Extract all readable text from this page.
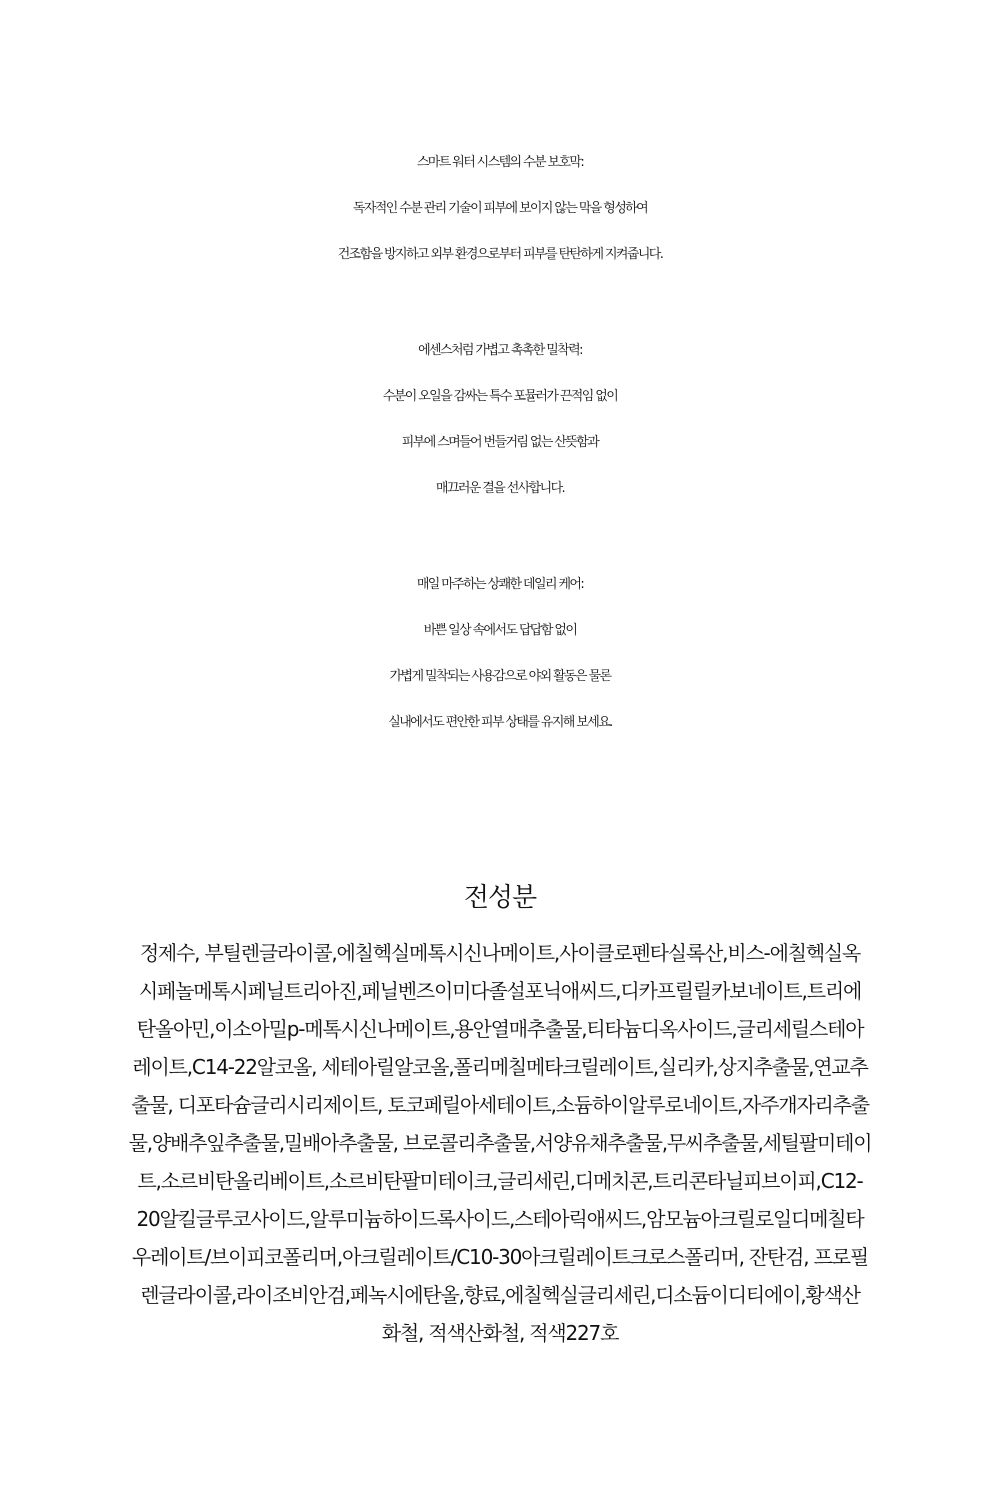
스마트 워터 시스템의 수분 보호막:

독자적인 수분 관리 기술이 피부에 보이지 않는 막을 형성하여

건조함을 방지하고 외부 환경으로부터 피부를 탄탄하게 지켜줍니다.

에센스처럼 가볍고 촉촉한 밀착력:

수분이 오일을 감싸는 특수 포뮬러가 끈적임 없이

피부에 스며들어 번들거림 없는 산뜻함과

매끄러운 결을 선사합니다.

매일 마주하는 상쾌한 데일리 케어:

바쁜 일상 속에서도 답답함 없이

가볍게 밀착되는 사용감으로 야외 활동은 물론

실내에서도 편안한 피부 상태를 유지해 보세요.

전성분

정제수, 부틸렌글라이콜,에칠헥실메톡시신나메이트,사이클로펜타실록산,비스-에칠헥실옥

시페놀메톡시페닐트리아진,페닐벤즈이미다졸설포닉애씨드,디카프릴릴카보네이트,트리에

탄올아민,이소아밀p-메톡시신나메이트,용안열매추출물,티타늄디옥사이드,글리세릴스테아

레이트,C14-22알코올, 세테아릴알코올,폴리메칠메타크릴레이트,실리카,상지추출물,연교추

출물, 디포타슘글리시리제이트, 토코페릴아세테이트,소듐하이알루로네이트,자주개자리추출

물,양배추잎추출물,밀배아추출물, 브로콜리추출물,서양유채추출물,무씨추출물,세틸팔미테이

트,소르비탄올리베이트,소르비탄팔미테이크,글리세린,디메치콘,트리콘타닐피브이피,C12-

20알킬글루코사이드,알루미늄하이드록사이드,스테아릭애씨드,암모늄아크릴로일디메칠타

우레이트/브이피코폴리머,아크릴레이트/C10-30아크릴레이트크로스폴리머, 잔탄검, 프로필

렌글라이콜,라이조비안검,페녹시에탄올,향료,에칠헥실글리세린,디소듐이디티에이,황색산

화철, 적색산화철, 적색227호
